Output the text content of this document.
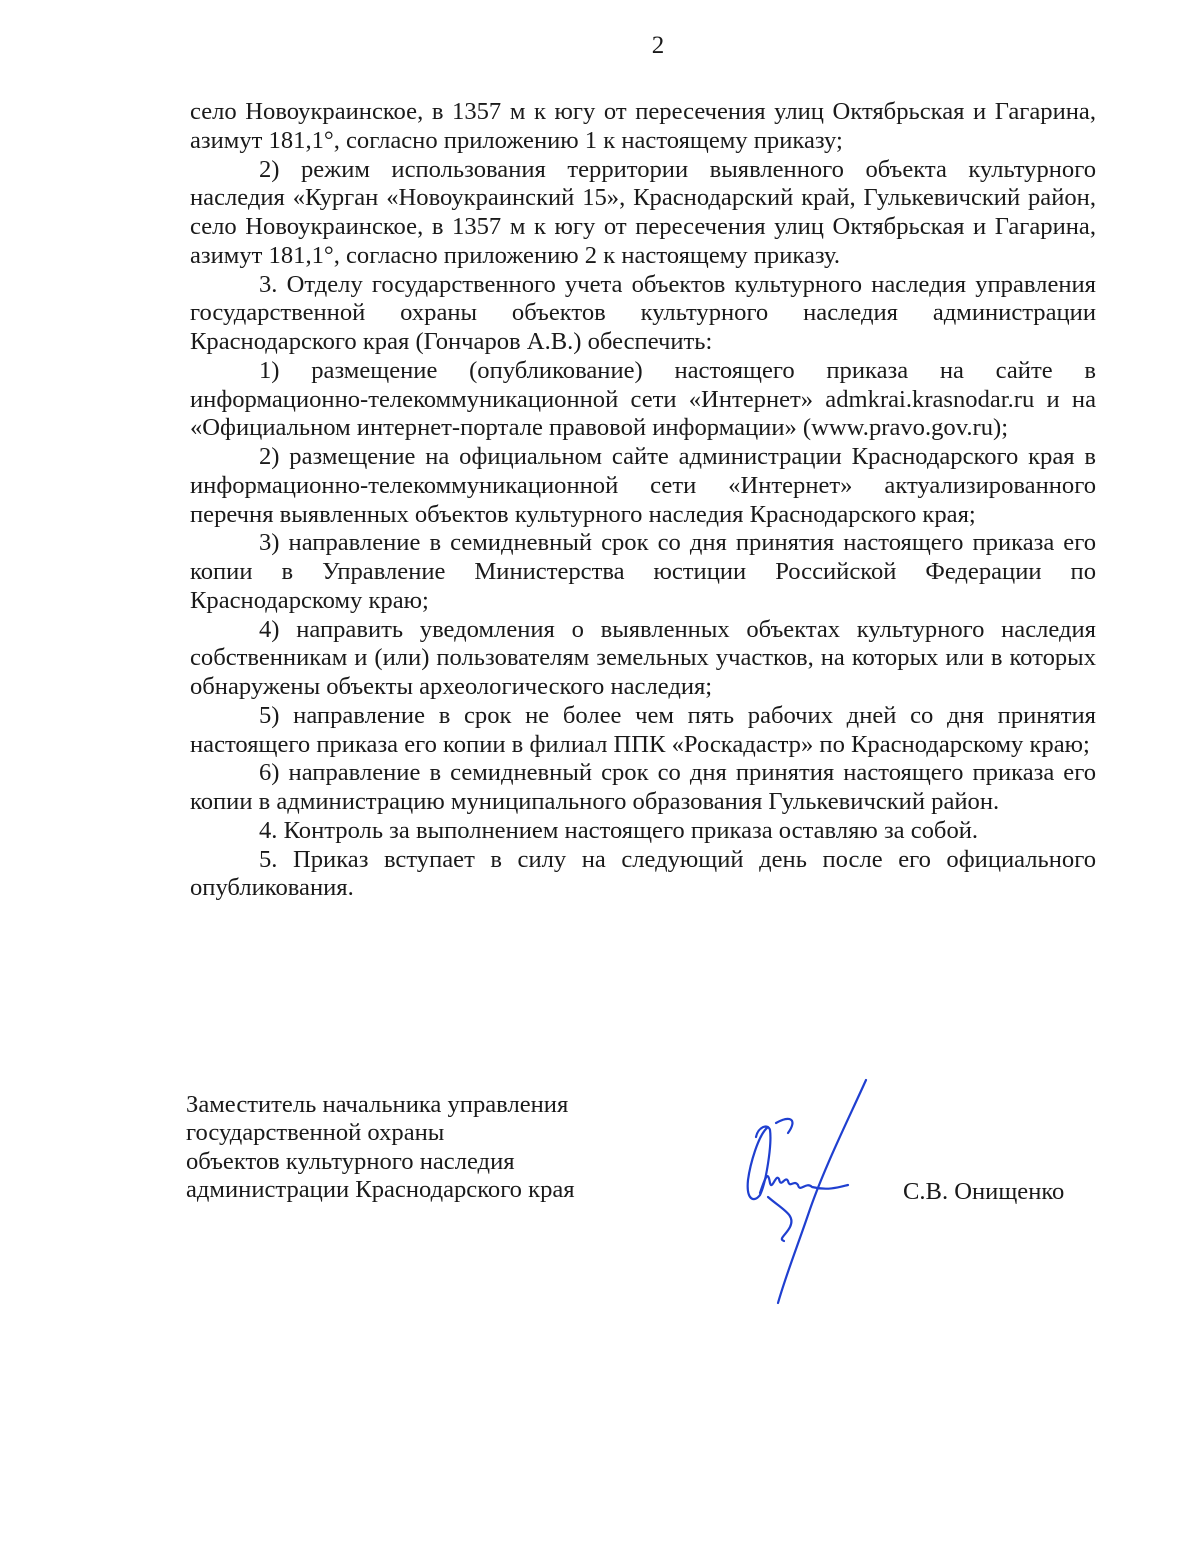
2

село Новоукраинское, в 1357 м к югу от пересечения улиц Октябрьская и Гагарина, азимут 181,1°, согласно приложению 1 к настоящему приказу;

2) режим использования территории выявленного объекта культурного наследия «Курган «Новоукраинский 15», Краснодарский край, Гулькевичский район, село Новоукраинское, в 1357 м к югу от пересечения улиц Октябрьская и Гагарина, азимут 181,1°, согласно приложению 2 к настоящему приказу.

3. Отделу государственного учета объектов культурного наследия управления государственной охраны объектов культурного наследия администрации Краснодарского края (Гончаров А.В.) обеспечить:

1) размещение (опубликование) настоящего приказа на сайте в информационно-телекоммуникационной сети «Интернет» admkrai.krasnodar.ru и на «Официальном интернет-портале правовой информации» (www.pravo.gov.ru);

2) размещение на официальном сайте администрации Краснодарского края в информационно-телекоммуникационной сети «Интернет» актуализированного перечня выявленных объектов культурного наследия Краснодарского края;

3) направление в семидневный срок со дня принятия настоящего приказа его копии в Управление Министерства юстиции Российской Федерации по Краснодарскому краю;

4) направить уведомления о выявленных объектах культурного наследия собственникам и (или) пользователям земельных участков, на которых или в которых обнаружены объекты археологического наследия;

5) направление в срок не более чем пять рабочих дней со дня принятия настоящего приказа его копии в филиал ППК «Роскадастр» по Краснодарскому краю;

6) направление в семидневный срок со дня принятия настоящего приказа его копии в администрацию муниципального образования Гулькевичский район.

4. Контроль за выполнением настоящего приказа оставляю за собой.

5. Приказ вступает в силу на следующий день после его официального опубликования.

Заместитель начальника управления
государственной охраны
объектов культурного наследия
администрации Краснодарского края	С.В. Онищенко
